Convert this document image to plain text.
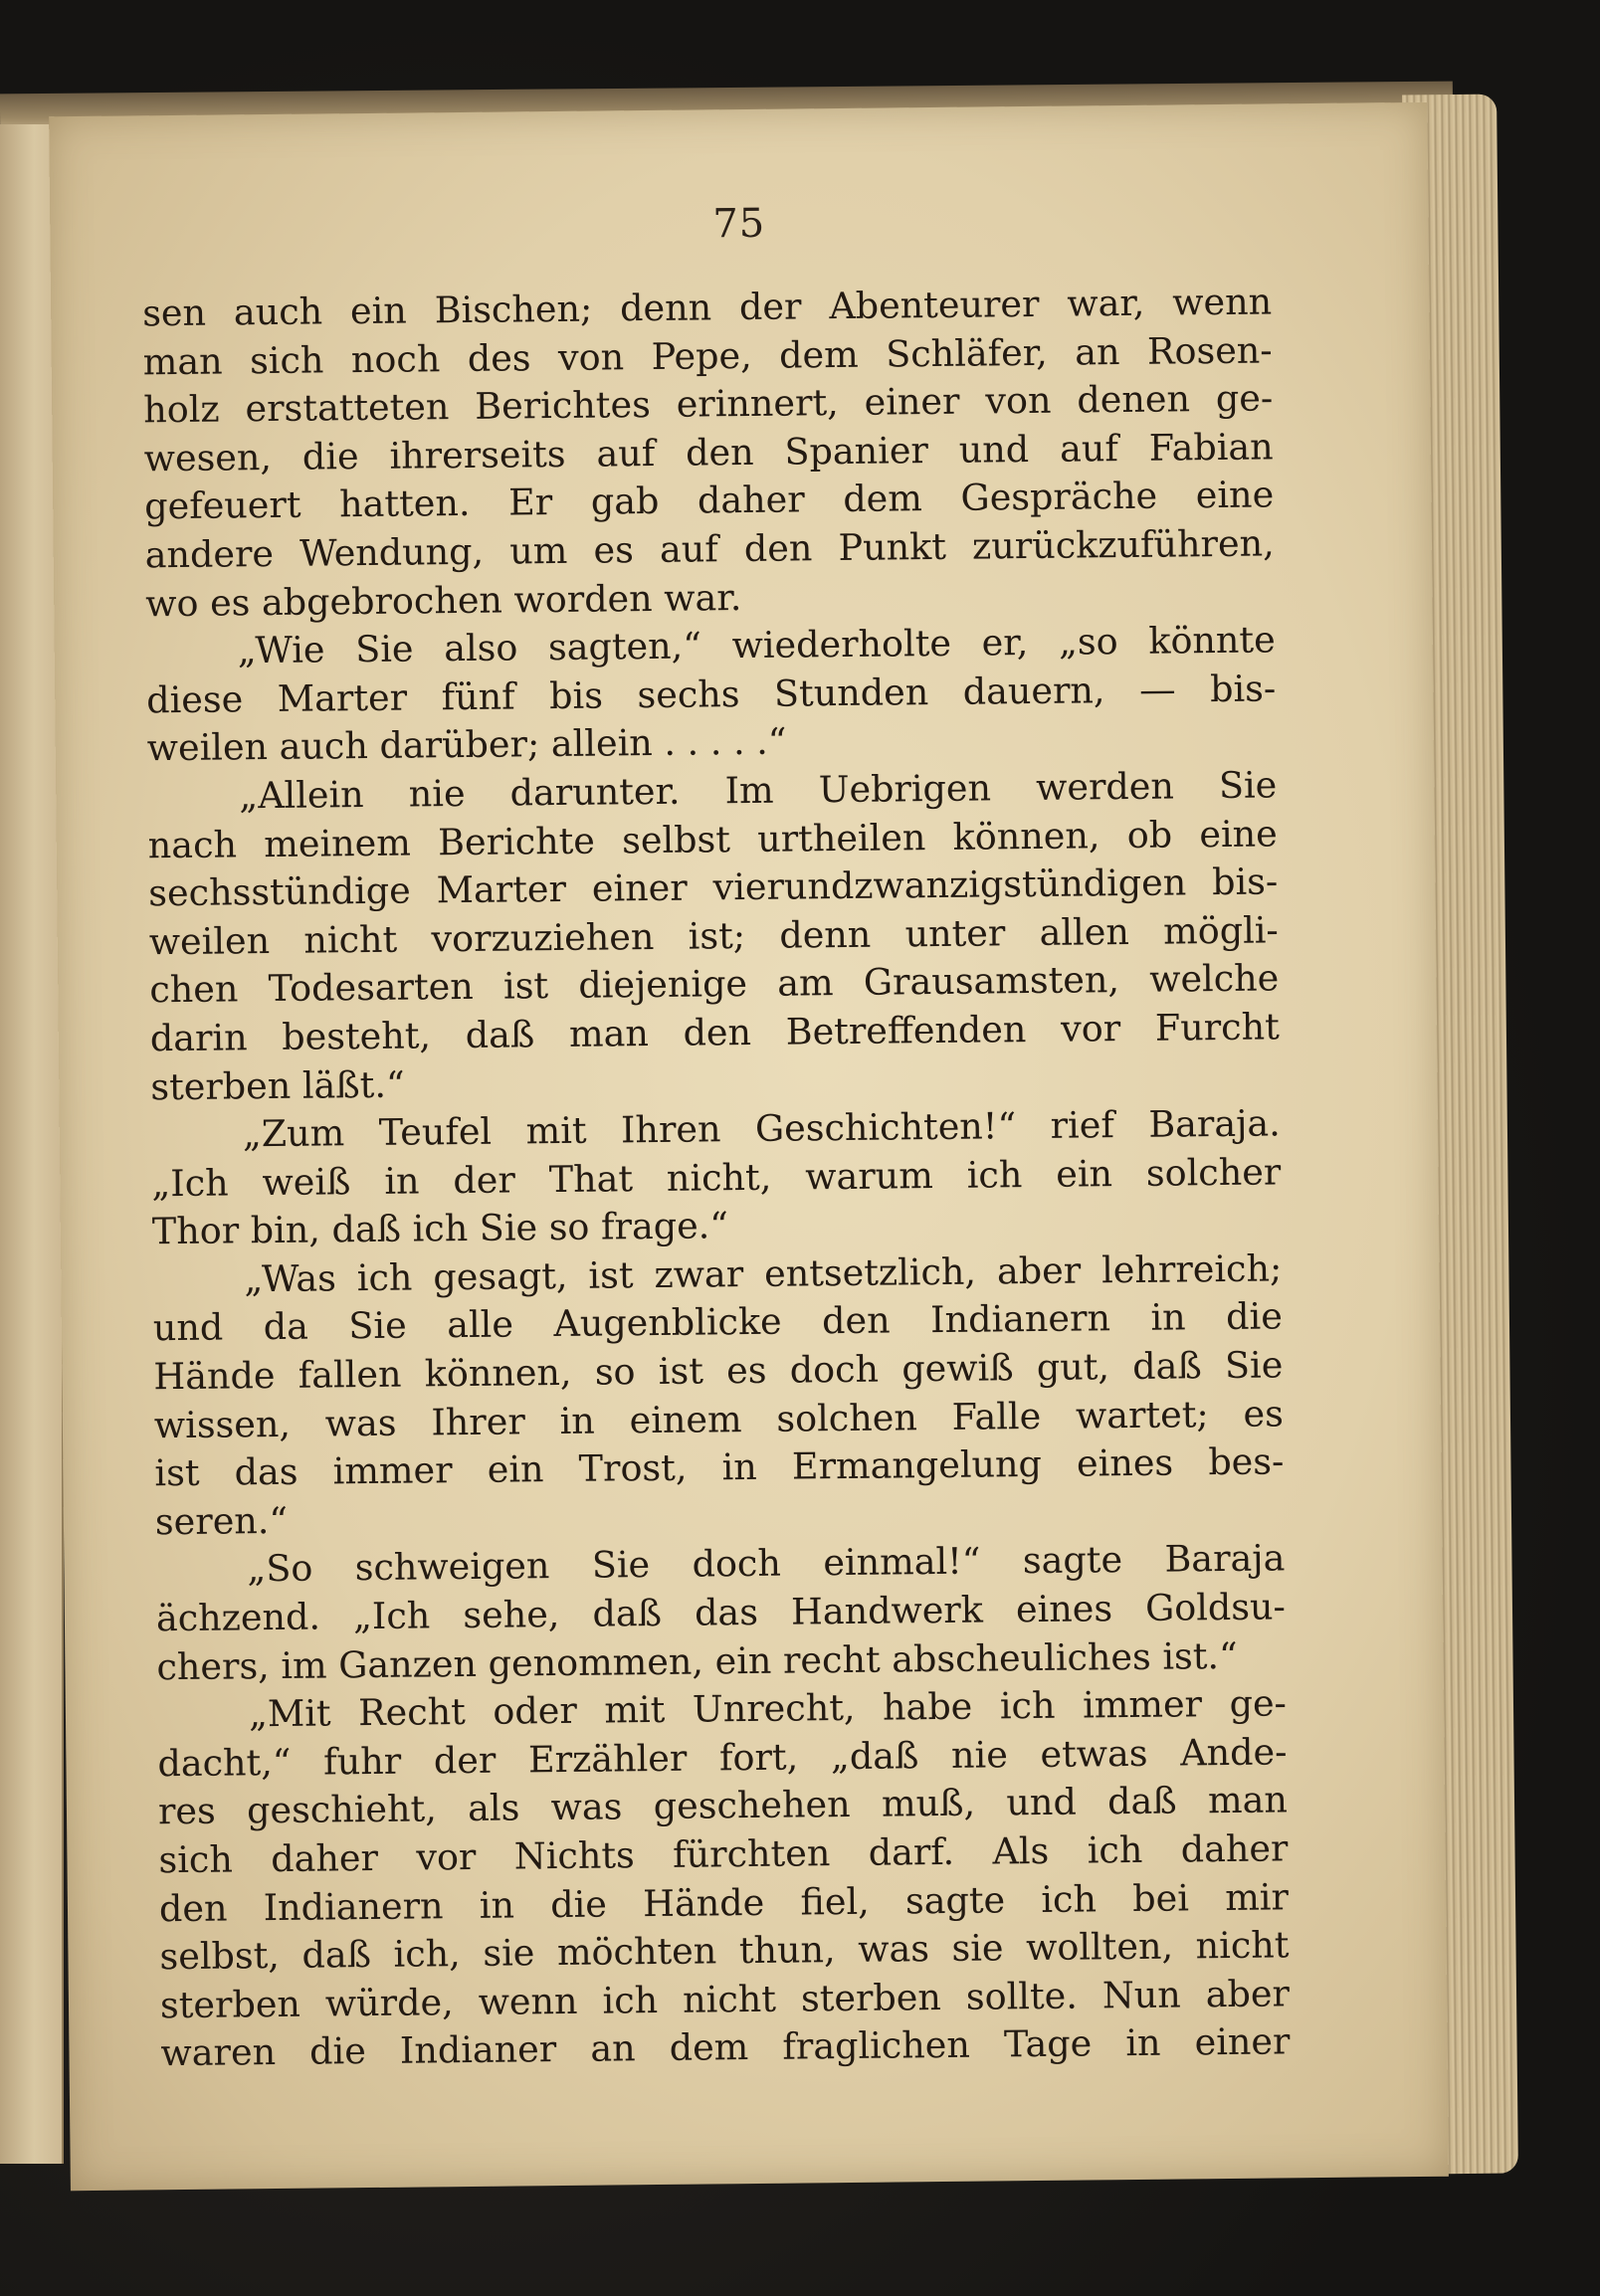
75
sen auch ein Bischen; denn der Abenteurer war, wenn
man sich noch des von Pepe, dem Schläfer, an Rosen-
holz erstatteten Berichtes erinnert, einer von denen ge-
wesen, die ihrerseits auf den Spanier und auf Fabian
gefeuert hatten. Er gab daher dem Gespräche eine
andere Wendung, um es auf den Punkt zurückzuführen,
wo es abgebrochen worden war.
„Wie Sie also sagten,“ wiederholte er, „so könnte
diese Marter fünf bis sechs Stunden dauern, — bis-
weilen auch darüber; allein . . . . .“
„Allein nie darunter. Im Uebrigen werden Sie
nach meinem Berichte selbst urtheilen können, ob eine
sechsstündige Marter einer vierundzwanzigstündigen bis-
weilen nicht vorzuziehen ist; denn unter allen mögli-
chen Todesarten ist diejenige am Grausamsten, welche
darin besteht, daß man den Betreffenden vor Furcht
sterben läßt.“
„Zum Teufel mit Ihren Geschichten!“ rief Baraja.
„Ich weiß in der That nicht, warum ich ein solcher
Thor bin, daß ich Sie so frage.“
„Was ich gesagt, ist zwar entsetzlich, aber lehrreich;
und da Sie alle Augenblicke den Indianern in die
Hände fallen können, so ist es doch gewiß gut, daß Sie
wissen, was Ihrer in einem solchen Falle wartet; es
ist das immer ein Trost, in Ermangelung eines bes-
seren.“
„So schweigen Sie doch einmal!“ sagte Baraja
ächzend. „Ich sehe, daß das Handwerk eines Goldsu-
chers, im Ganzen genommen, ein recht abscheuliches ist.“
„Mit Recht oder mit Unrecht, habe ich immer ge-
dacht,“ fuhr der Erzähler fort, „daß nie etwas Ande-
res geschieht, als was geschehen muß, und daß man
sich daher vor Nichts fürchten darf. Als ich daher
den Indianern in die Hände fiel, sagte ich bei mir
selbst, daß ich, sie möchten thun, was sie wollten, nicht
sterben würde, wenn ich nicht sterben sollte. Nun aber
waren die Indianer an dem fraglichen Tage in einer
